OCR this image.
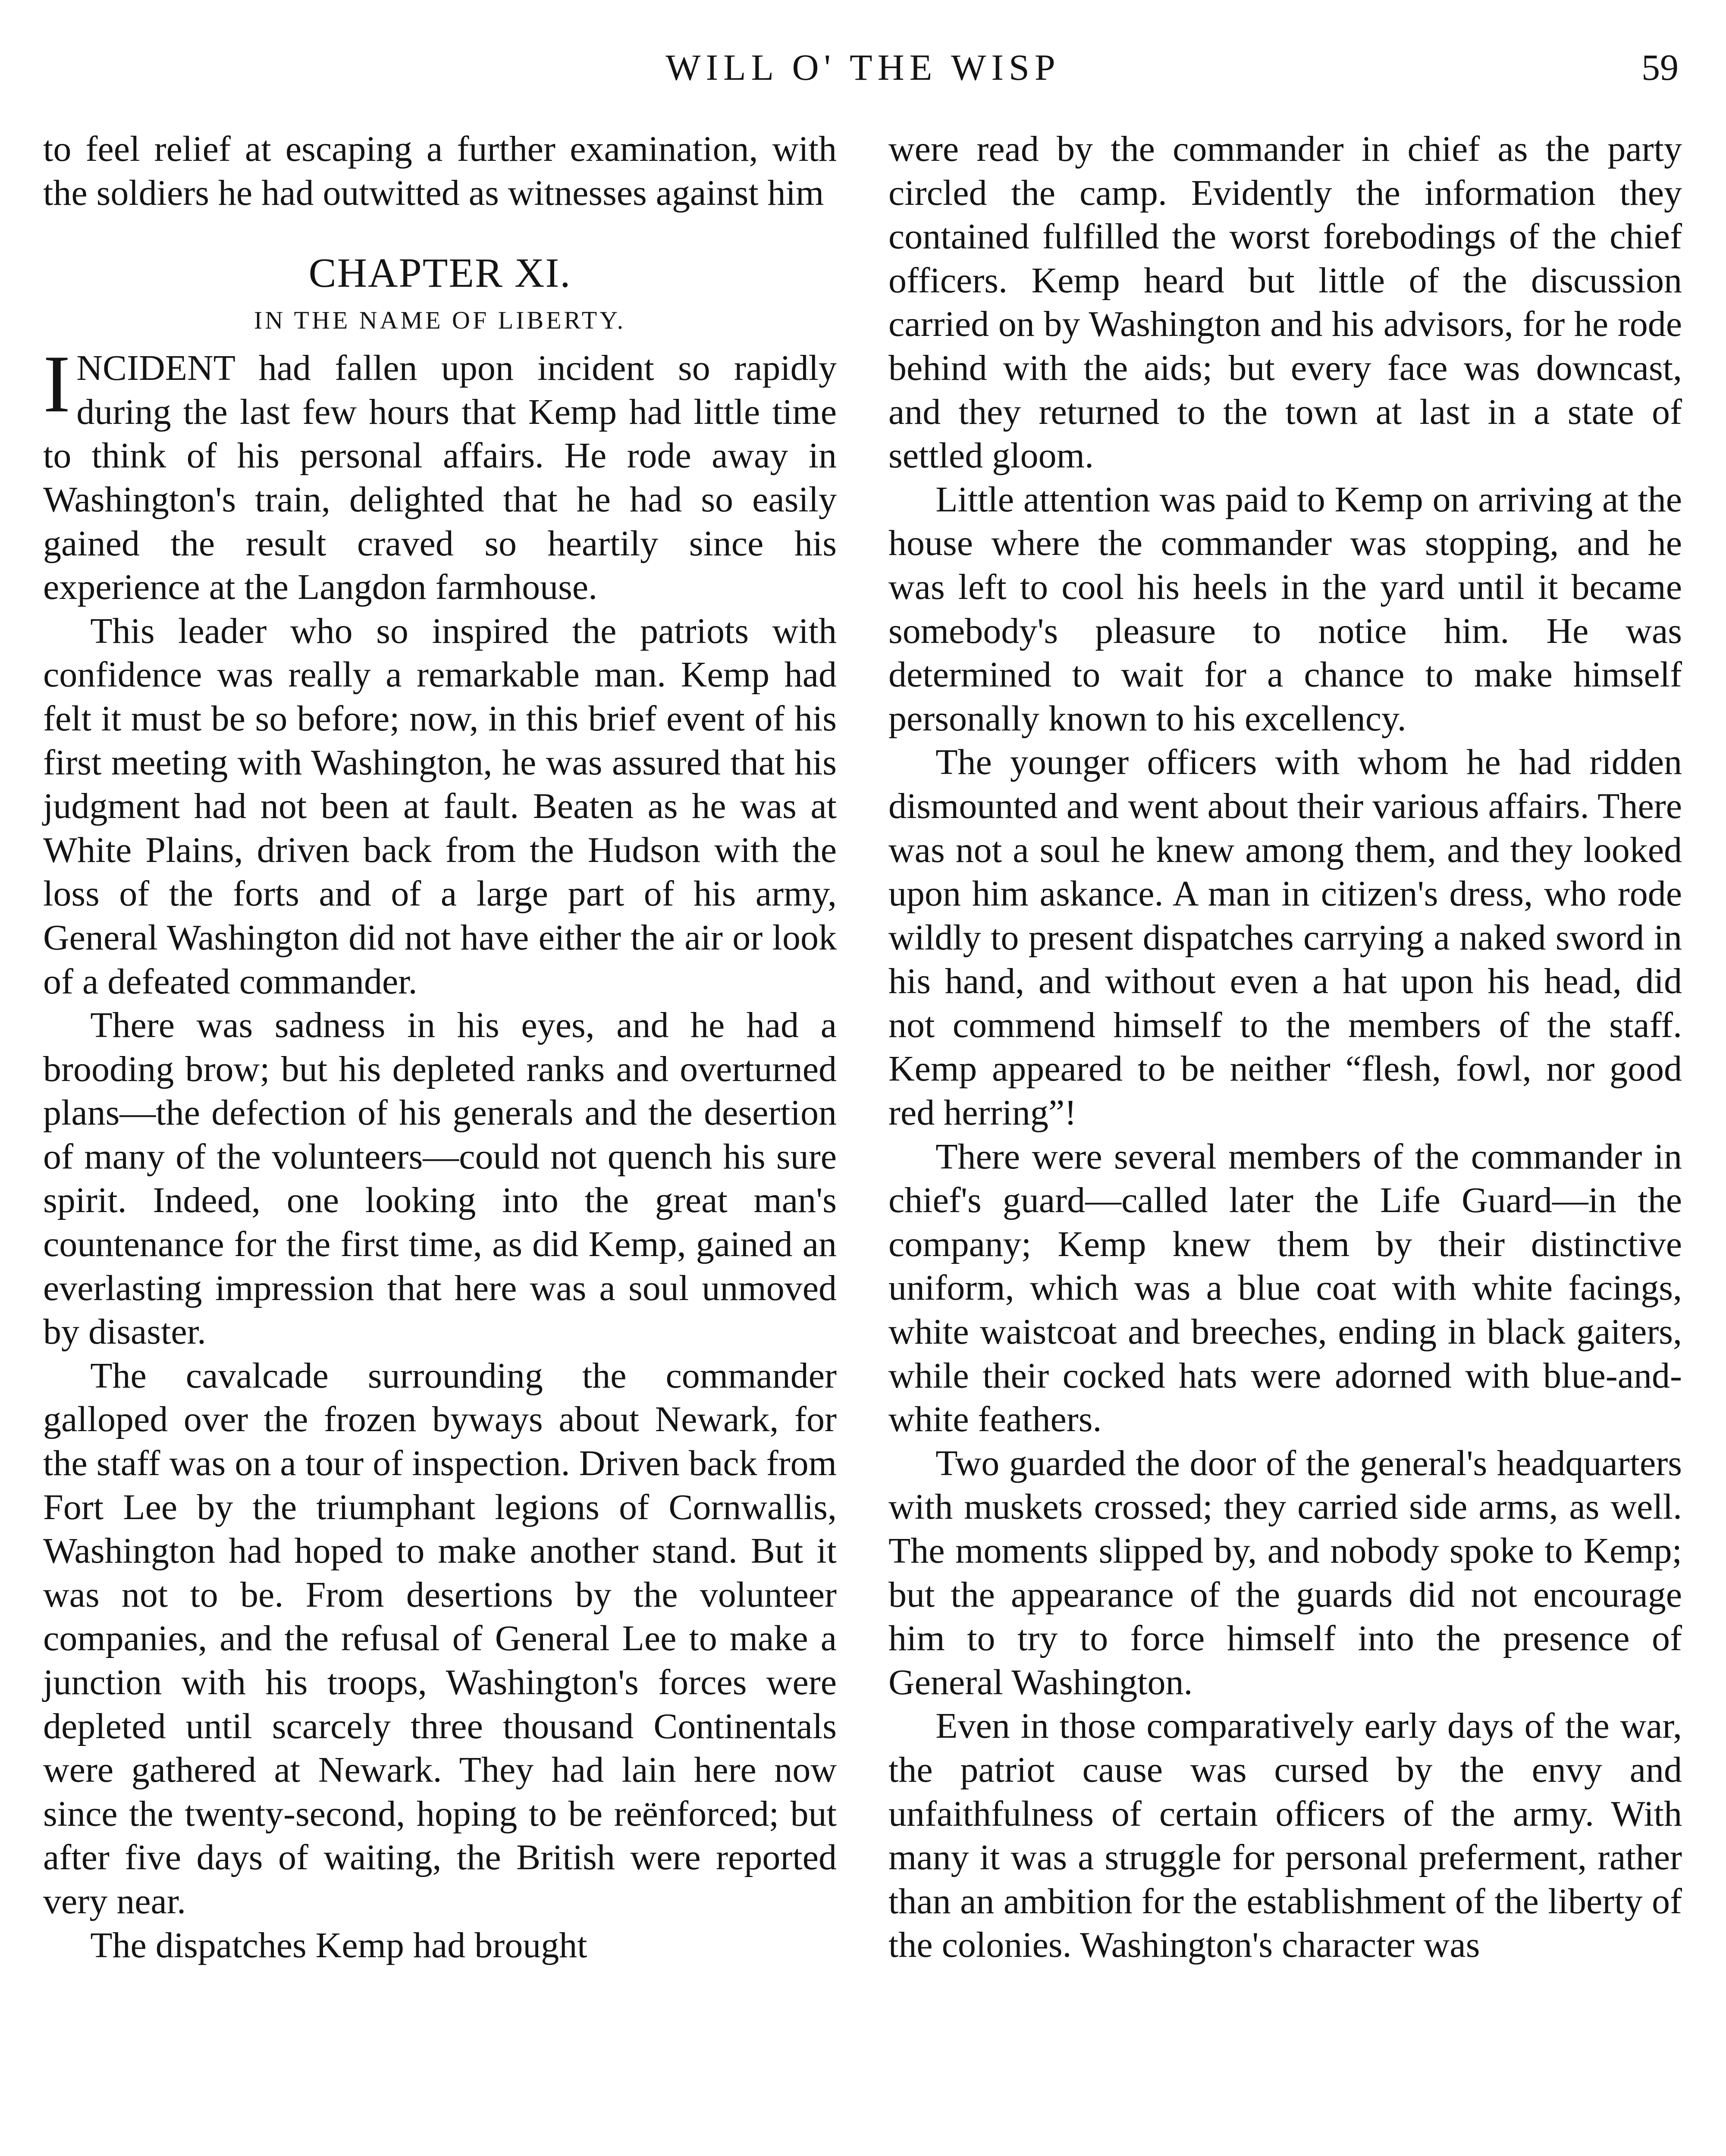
WILL O' THE WISP	59

to feel relief at escaping a further examination, with the soldiers he had outwitted as witnesses against him

CHAPTER XI.
IN THE NAME OF LIBERTY.

INCIDENT had fallen upon incident so rapidly during the last few hours that Kemp had little time to think of his personal affairs. He rode away in Washington's train, delighted that he had so easily gained the result craved so heartily since his experience at the Langdon farmhouse.

This leader who so inspired the patriots with confidence was really a remarkable man. Kemp had felt it must be so before; now, in this brief event of his first meeting with Washington, he was assured that his judgment had not been at fault. Beaten as he was at White Plains, driven back from the Hudson with the loss of the forts and of a large part of his army, General Washington did not have either the air or look of a defeated commander.

There was sadness in his eyes, and he had a brooding brow; but his depleted ranks and overturned plans—the defection of his generals and the desertion of many of the volunteers—could not quench his sure spirit. Indeed, one looking into the great man's countenance for the first time, as did Kemp, gained an everlasting impression that here was a soul unmoved by disaster.

The cavalcade surrounding the commander galloped over the frozen byways about Newark, for the staff was on a tour of inspection. Driven back from Fort Lee by the triumphant legions of Cornwallis, Washington had hoped to make another stand. But it was not to be. From desertions by the volunteer companies, and the refusal of General Lee to make a junction with his troops, Washington's forces were depleted until scarcely three thousand Continentals were gathered at Newark. They had lain here now since the twenty-second, hoping to be reënforced; but after five days of waiting, the British were reported very near.

The dispatches Kemp had brought

were read by the commander in chief as the party circled the camp. Evidently the information they contained fulfilled the worst forebodings of the chief officers. Kemp heard but little of the discussion carried on by Washington and his advisors, for he rode behind with the aids; but every face was downcast, and they returned to the town at last in a state of settled gloom.

Little attention was paid to Kemp on arriving at the house where the commander was stopping, and he was left to cool his heels in the yard until it became somebody's pleasure to notice him. He was determined to wait for a chance to make himself personally known to his excellency.

The younger officers with whom he had ridden dismounted and went about their various affairs. There was not a soul he knew among them, and they looked upon him askance. A man in citizen's dress, who rode wildly to present dispatches carrying a naked sword in his hand, and without even a hat upon his head, did not commend himself to the members of the staff. Kemp appeared to be neither “flesh, fowl, nor good red herring”!

There were several members of the commander in chief's guard—called later the Life Guard—in the company; Kemp knew them by their distinctive uniform, which was a blue coat with white facings, white waistcoat and breeches, ending in black gaiters, while their cocked hats were adorned with blue-and-white feathers.

Two guarded the door of the general's headquarters with muskets crossed; they carried side arms, as well. The moments slipped by, and nobody spoke to Kemp; but the appearance of the guards did not encourage him to try to force himself into the presence of General Washington.

Even in those comparatively early days of the war, the patriot cause was cursed by the envy and unfaithfulness of certain officers of the army. With many it was a struggle for personal preferment, rather than an ambition for the establishment of the liberty of the colonies. Washington's character was
